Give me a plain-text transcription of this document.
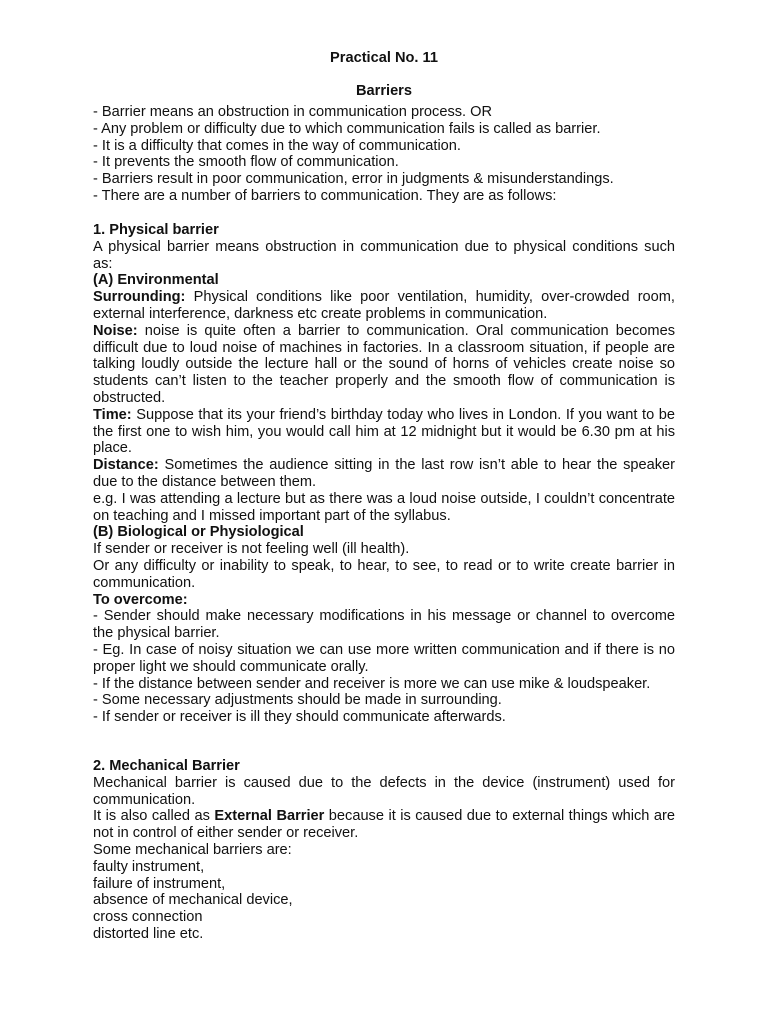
Practical No. 11
Barriers
- Barrier means an obstruction in communication process. OR
- Any problem or difficulty due to which communication fails is called as barrier.
- It is a difficulty that comes in the way of communication.
- It prevents the smooth flow of communication.
- Barriers result in poor communication, error in judgments & misunderstandings.
- There are a number of barriers to communication. They are as follows:
1. Physical barrier
A physical barrier means obstruction in communication due to physical conditions such as:
(A) Environmental
Surrounding: Physical conditions like poor ventilation, humidity, over-crowded room, external interference, darkness etc create problems in communication.
Noise: noise is quite often a barrier to communication. Oral communication becomes difficult due to loud noise of machines in factories. In a classroom situation, if people are talking loudly outside the lecture hall or the sound of horns of vehicles create noise so students can’t listen to the teacher properly and the smooth flow of communication is obstructed.
Time: Suppose that its your friend’s birthday today who lives in London. If you want to be the first one to wish him, you would call him at 12 midnight but it would be 6.30 pm at his place.
Distance: Sometimes the audience sitting in the last row isn’t able to hear the speaker due to the distance between them.
e.g. I was attending a lecture but as there was a loud noise outside, I couldn’t concentrate on teaching and I missed important part of the syllabus.
(B) Biological or Physiological
If sender or receiver is not feeling well (ill health).
Or any difficulty or inability to speak, to hear, to see, to read or to write create barrier in communication.
To overcome:
- Sender should make necessary modifications in his message or channel to overcome the physical barrier.
- Eg. In case of noisy situation we can use more written communication and if there is no proper light we should communicate orally.
- If the distance between sender and receiver is more we can use mike & loudspeaker.
- Some necessary adjustments should be made in surrounding.
- If sender or receiver is ill they should communicate afterwards.
2. Mechanical Barrier
Mechanical barrier is caused due to the defects in the device (instrument) used for communication.
It is also called as External Barrier because it is caused due to external things which are not in control of either sender or receiver.
Some mechanical barriers are:
faulty instrument,
failure of instrument,
absence of mechanical device,
cross connection
distorted line etc.
